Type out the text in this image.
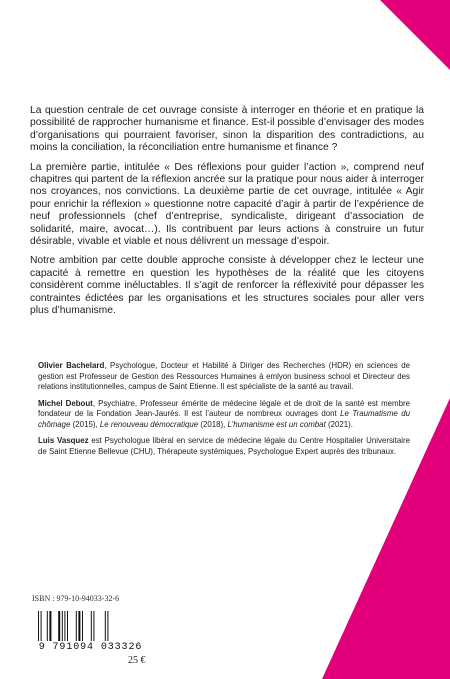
La question centrale de cet ouvrage consiste à interroger en théorie et en pratique la possibilité de rapprocher humanisme et finance. Est-il possible d’envisager des modes d’organisations qui pourraient favoriser, sinon la disparition des contradictions, au moins la conciliation, la réconciliation entre humanisme et finance ?

La première partie, intitulée « Des réflexions pour guider l’action », comprend neuf chapitres qui partent de la réflexion ancrée sur la pratique pour nous aider à interroger nos croyances, nos convictions. La deuxième partie de cet ouvrage, intitulée « Agir pour enrichir la réflexion » questionne notre capacité d’agir à partir de l’expérience de neuf professionnels (chef d’entreprise, syndicaliste, dirigeant d’association de solidarité, maire, avocat…). Ils contribuent par leurs actions à construire un futur désirable, vivable et viable et nous délivrent un message d’espoir.

Notre ambition par cette double approche consiste à développer chez le lecteur une capacité à remettre en question les hypothèses de la réalité que les citoyens considèrent comme inéluctables. Il s’agit de renforcer la réflexivité pour dépasser les contraintes édictées par les organisations et les structures sociales pour aller vers plus d’humanisme.

Olivier Bachelard, Psychologue, Docteur et Habilité à Diriger des Recherches (HDR) en sciences de gestion est Professeur de Gestion des Ressources Humaines à emlyon business school et Directeur des relations institutionnelles, campus de Saint Etienne. Il est spécialiste de la santé au travail.

Michel Debout, Psychiatre, Professeur émérite de médecine légale et de droit de la santé est membre fondateur de la Fondation Jean-Jaurès. Il est l’auteur de nombreux ouvrages dont Le Traumatisme du chômage (2015), Le renouveau démocratique (2018), L’humanisme est un combat (2021).

Luis Vasquez est Psychologue libéral en service de médecine légale du Centre Hospitalier Universitaire de Saint Etienne Bellevue (CHU), Thérapeute systémiques, Psychologue Expert auprès des tribunaux.

ISBN : 979-10-94033-32-6
9 791094 033326
25 €
